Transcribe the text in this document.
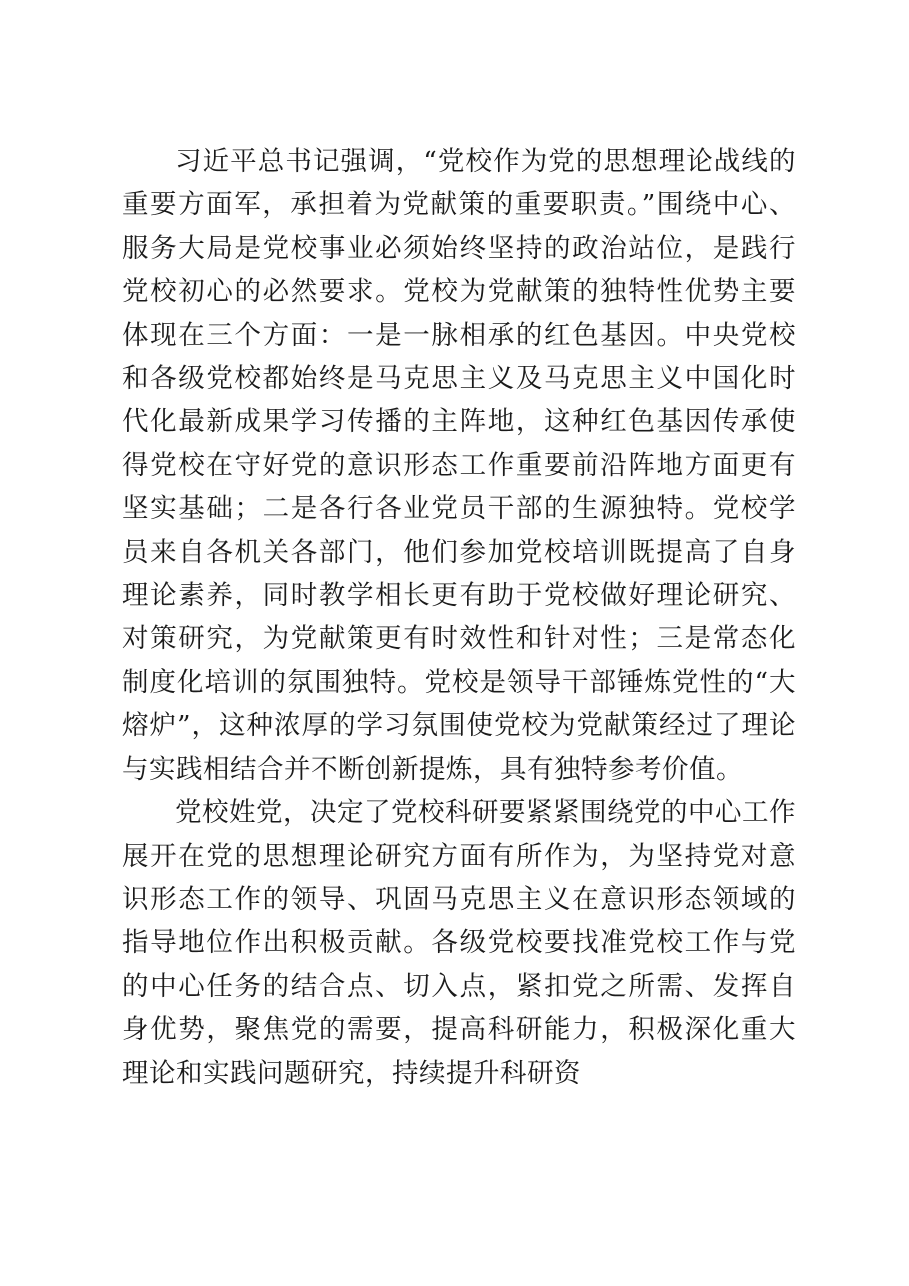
习近平总书记强调，“党校作为党的思想理论战线的重要方面军，承担着为党献策的重要职责。”围绕中心、服务大局是党校事业必须始终坚持的政治站位，是践行党校初心的必然要求。党校为党献策的独特性优势主要体现在三个方面：一是一脉相承的红色基因。中央党校和各级党校都始终是马克思主义及马克思主义中国化时代化最新成果学习传播的主阵地，这种红色基因传承使得党校在守好党的意识形态工作重要前沿阵地方面更有坚实基础；二是各行各业党员干部的生源独特。党校学员来自各机关各部门，他们参加党校培训既提高了自身理论素养，同时教学相长更有助于党校做好理论研究、对策研究，为党献策更有时效性和针对性；三是常态化制度化培训的氛围独特。党校是领导干部锤炼党性的“大熔炉”，这种浓厚的学习氛围使党校为党献策经过了理论与实践相结合并不断创新提炼，具有独特参考价值。

党校姓党，决定了党校科研要紧紧围绕党的中心工作展开在党的思想理论研究方面有所作为，为坚持党对意识形态工作的领导、巩固马克思主义在意识形态领域的指导地位作出积极贡献。各级党校要找准党校工作与党的中心任务的结合点、切入点，紧扣党之所需、发挥自身优势，聚焦党的需要，提高科研能力，积极深化重大理论和实践问题研究，持续提升科研资
